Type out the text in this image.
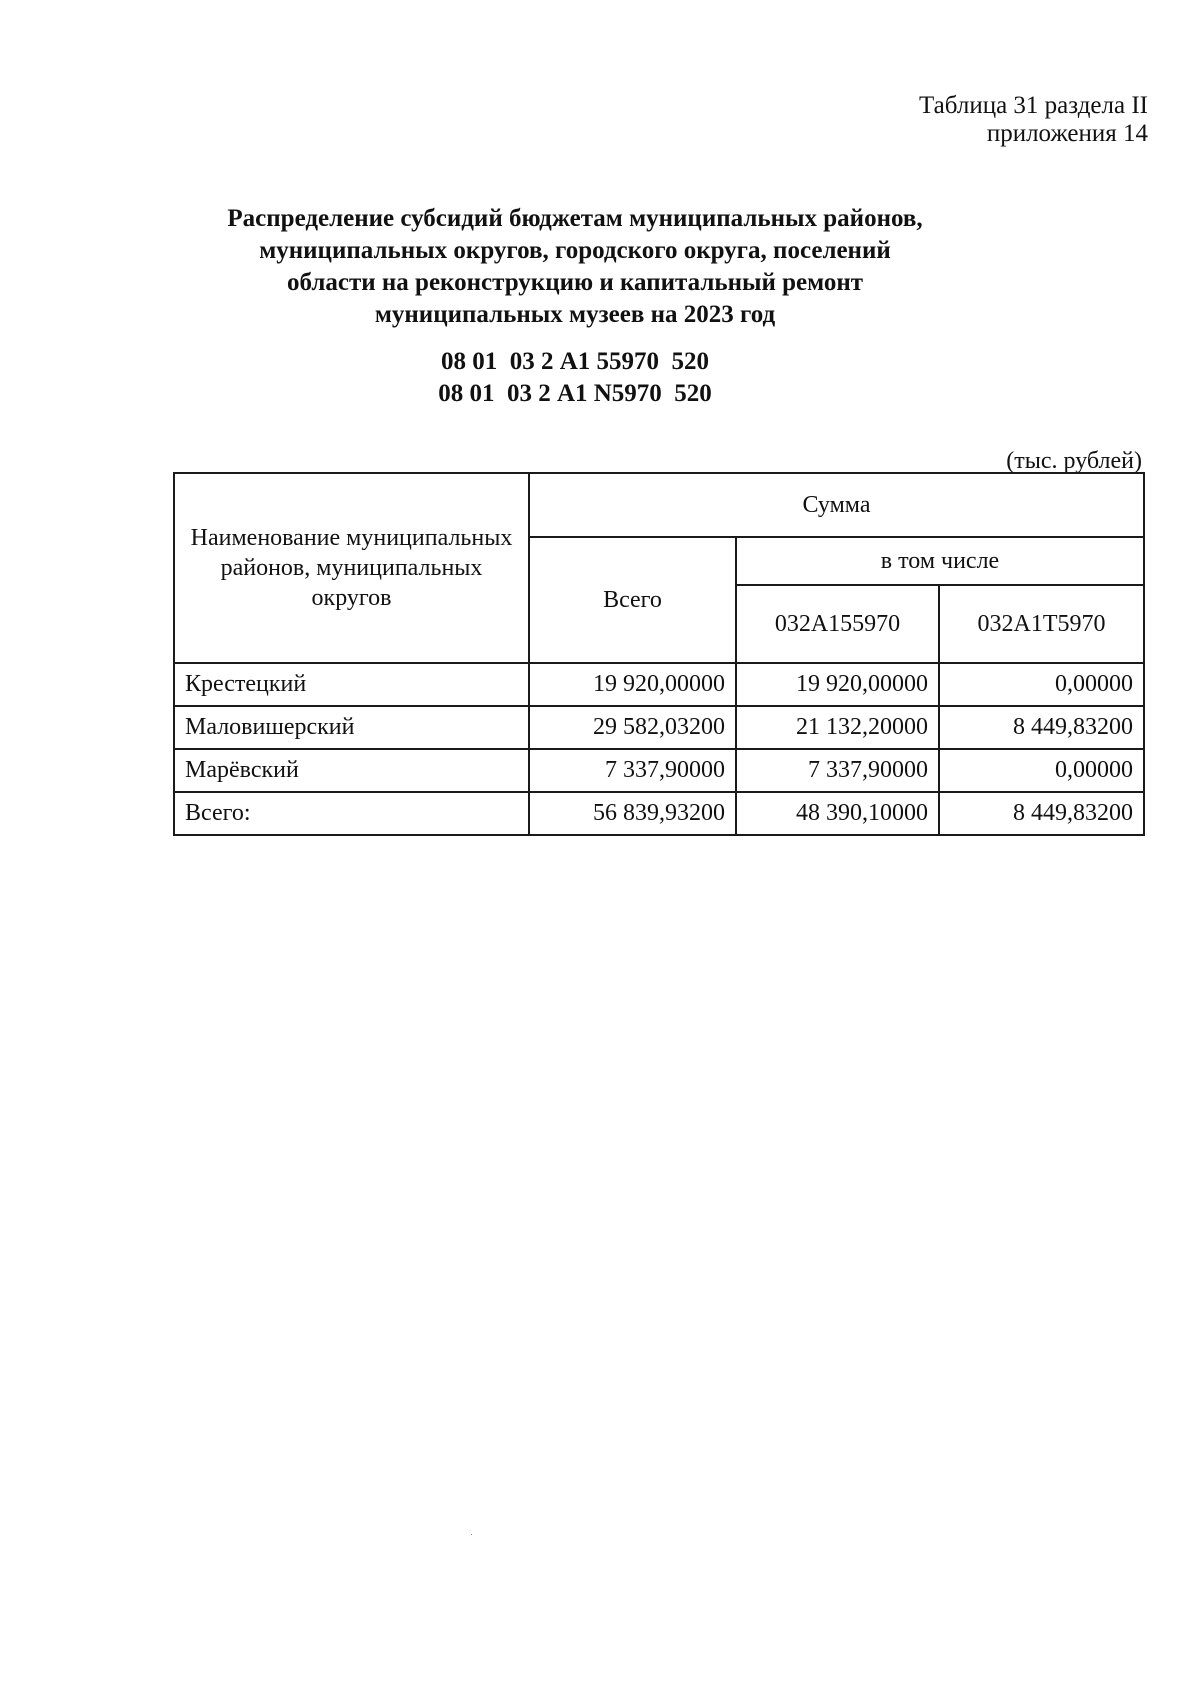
Таблица 31 раздела II
приложения 14
Распределение субсидий бюджетам муниципальных районов,
муниципальных округов, городского округа, поселений
области на реконструкцию и капитальный ремонт
муниципальных музеев на 2023 год
08 01  03 2 А1 55970  520
08 01  03 2 А1 N5970  520
(тыс. рублей)
Наименование муниципальных районов, муниципальных округов	Сумма		
	Всего	в том числе	
		032А155970	032А1Т5970
Крестецкий	19 920,00000	19 920,00000	0,00000
Маловишерский	29 582,03200	21 132,20000	8 449,83200
Марёвский	7 337,90000	7 337,90000	0,00000
Всего:	56 839,93200	48 390,10000	8 449,83200
